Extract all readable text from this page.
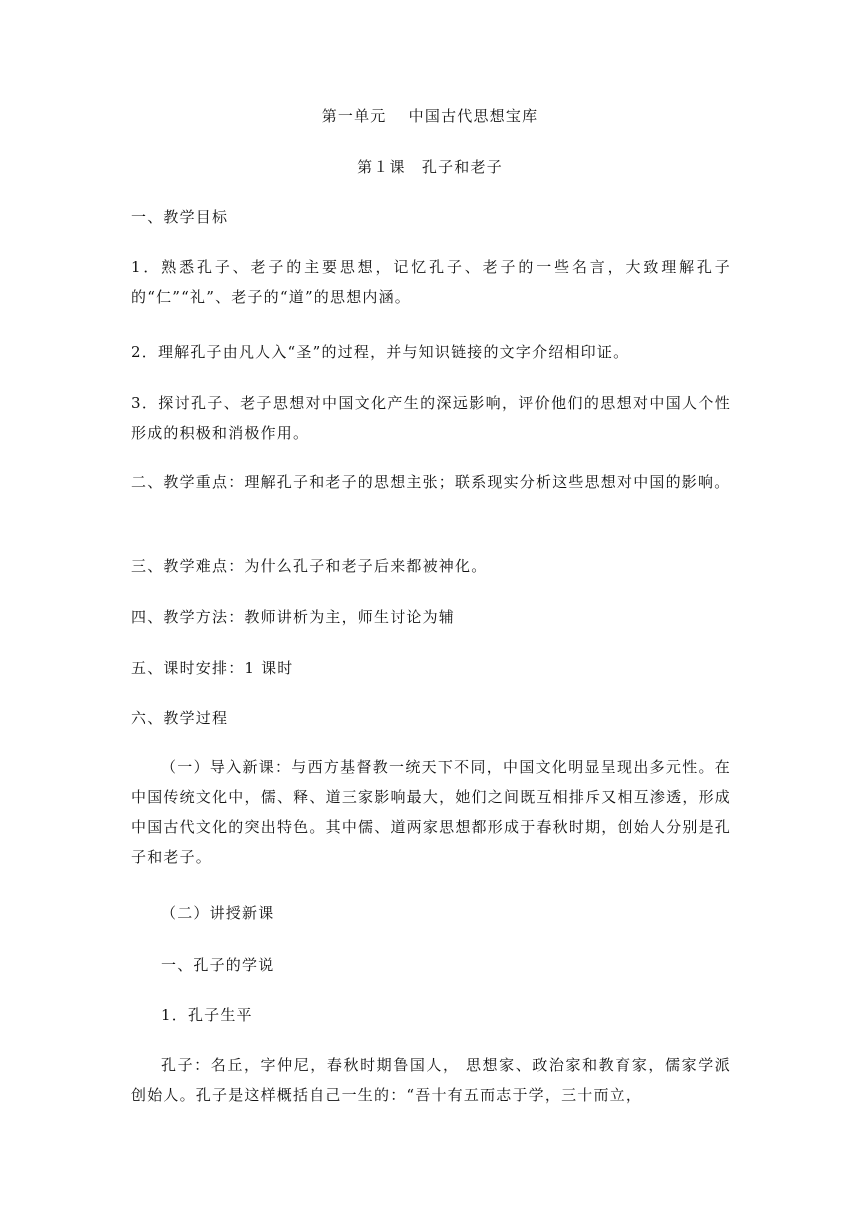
第一单元　 中国古代思想宝库
第１课　孔子和老子
一、教学目标
1．熟悉孔子、老子的主要思想，记忆孔子、老子的一些名言，大致理解孔子的“仁”“礼”、老子的“道”的思想内涵。
2．理解孔子由凡人入“圣”的过程，并与知识链接的文字介绍相印证。
3．探讨孔子、老子思想对中国文化产生的深远影响，评价他们的思想对中国人个性形成的积极和消极作用。
二、教学重点：理解孔子和老子的思想主张；联系现实分析这些思想对中国的影响。
三、教学难点：为什么孔子和老子后来都被神化。
四、教学方法：教师讲析为主，师生讨论为辅
五、课时安排：1 课时
六、教学过程
（一）导入新课：与西方基督教一统天下不同，中国文化明显呈现出多元性。在中国传统文化中，儒、释、道三家影响最大，她们之间既互相排斥又相互渗透，形成中国古代文化的突出特色。其中儒、道两家思想都形成于春秋时期，创始人分别是孔子和老子。
（二）讲授新课
一、孔子的学说
1．孔子生平
孔子：名丘，字仲尼，春秋时期鲁国人， 思想家、政治家和教育家，儒家学派创始人。孔子是这样概括自己一生的：“吾十有五而志于学，三十而立，
